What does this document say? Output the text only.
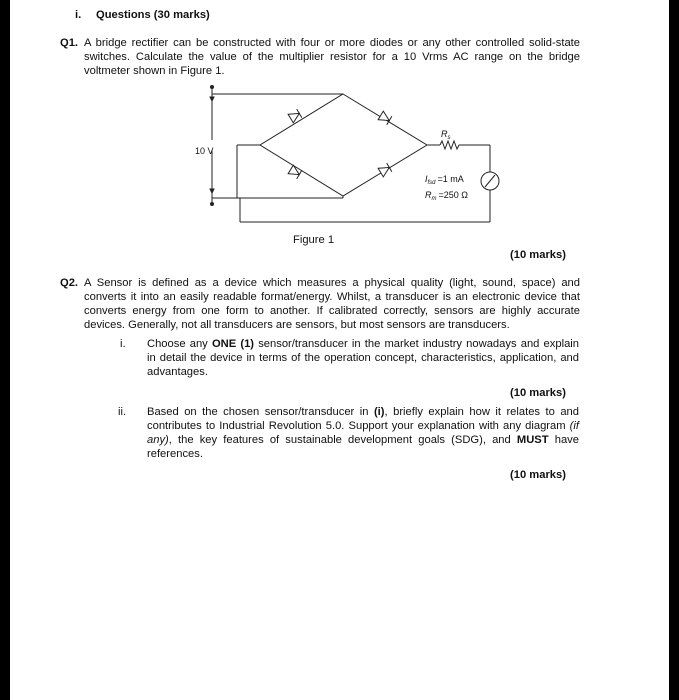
i. Questions (30 marks)
Q1. A bridge rectifier can be constructed with four or more diodes or any other controlled solid-state switches. Calculate the value of the multiplier resistor for a 10 Vrms AC range on the bridge voltmeter shown in Figure 1.
10 V
$R_s$
$I_{fsd} =1$ mA
$R_m =250$ Ω
Figure 1
(10 marks)
Q2. A Sensor is defined as a device which measures a physical quality (light, sound, space) and converts it into an easily readable format/energy. Whilst, a transducer is an electronic device that converts energy from one form to another. If calibrated correctly, sensors are highly accurate devices. Generally, not all transducers are sensors, but most sensors are transducers.
i. Choose any ONE (1) sensor/transducer in the market industry nowadays and explain in detail the device in terms of the operation concept, characteristics, application, and advantages.
(10 marks)
ii. Based on the chosen sensor/transducer in (i), briefly explain how it relates to and contributes to Industrial Revolution 5.0. Support your explanation with any diagram (if any), the key features of sustainable development goals (SDG), and MUST have references.
(10 marks)
